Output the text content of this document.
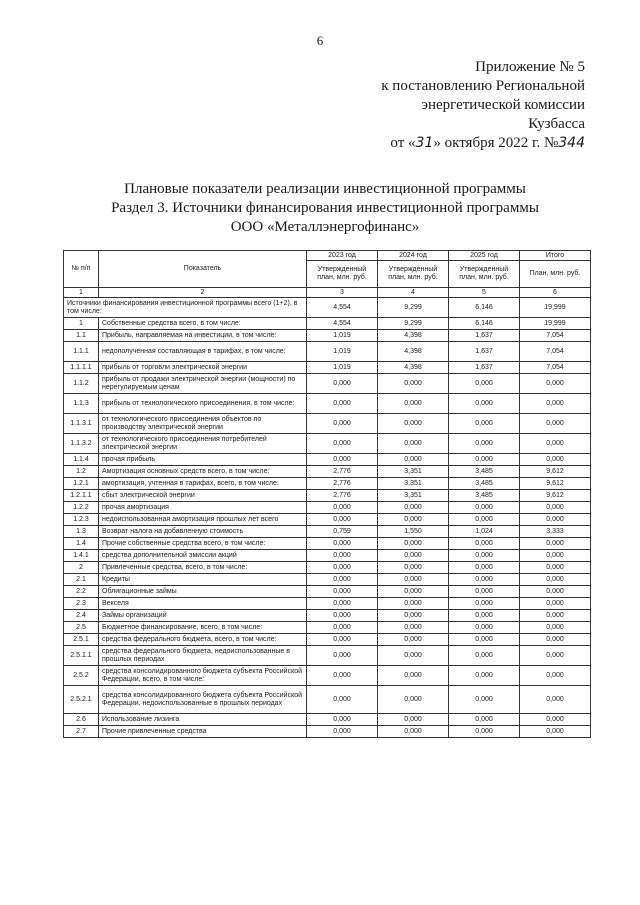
6
Приложение № 5
к постановлению Региональной
энергетической комиссии
Кузбасса
от «31» октября 2022 г. №344
Плановые показатели реализации инвестиционной программы
Раздел 3. Источники финансирования инвестиционной программы
ООО «Металлэнергофинанс»
№ п/п	Показатель	2023 год	2024 год	2025 год	Итого
		Утвержденный план, млн. руб.	Утвержденный план, млн. руб.	Утвержденный план, млн. руб.	План, млн. руб.
1	2	3	4	5	6
Источники финансирования инвестиционной программы всего (1+2), в том числе:		4,554	9,299	6,146	19,999
1	Собственные средства всего, в том числе:	4,554	9,299	6,146	19,999
1.1	Прибыль, направляемая на инвестиции, в том числе:	1,019	4,398	1,637	7,054
1.1.1	недополученная составляющая в тарифах, в том числе:	1,019	4,398	1,637	7,054
1.1.1.1	прибыль от торговли электрической энергии	1,019	4,398	1,637	7,054
1.1.2	прибыль от продажи электрической энергии (мощности) по нерегулируемым ценам	0,000	0,000	0,000	0,000
1.1.3	прибыль от технологического присоединения, в том числе:	0,000	0,000	0,000	0,000
1.1.3.1	от технологического присоединения объектов по производству электрической энергии	0,000	0,000	0,000	0,000
1.1.3.2	от технологического присоединения потребителей электрической энергии	0,000	0,000	0,000	0,000
1.1.4	прочая прибыль	0,000	0,000	0,000	0,000
1.2	Амортизация основных средств всего, в том числе:	2,776	3,351	3,485	9,612
1.2.1	амортизация, учтенная в тарифах, всего, в том числе:	2,776	3,351	3,485	9,612
1.2.1.1	сбыт электрической энергии	2,776	3,351	3,485	9,612
1.2.2	прочая амортизация	0,000	0,000	0,000	0,000
1.2.3	недоиспользованная амортизация прошлых лет всего	0,000	0,000	0,000	0,000
1.3	Возврат налога на добавленную стоимость	0,759	1,550	1,024	3,333
1.4	Прочие собственные средства всего, в том числе:	0,000	0,000	0,000	0,000
1.4.1	средства дополнительной эмиссии акций	0,000	0,000	0,000	0,000
2	Привлеченные средства, всего, в том числе:	0,000	0,000	0,000	0,000
2.1	Кредиты	0,000	0,000	0,000	0,000
2.2	Облигационные займы	0,000	0,000	0,000	0,000
2.3	Векселя	0,000	0,000	0,000	0,000
2.4	Займы организаций	0,000	0,000	0,000	0,000
2.5	Бюджетное финансирование, всего, в том числе:	0,000	0,000	0,000	0,000
2.5.1	средства федерального бюджета, всего, в том числе:	0,000	0,000	0,000	0,000
2.5.1.1	средства федерального бюджета, недоиспользованные в прошлых периодах	0,000	0,000	0,000	0,000
2.5.2	средства консолидированного бюджета субъекта Российской Федерации, всего, в том числе:	0,000	0,000	0,000	0,000
2.5.2.1	средства консолидированного бюджета субъекта Российской Федерации, недоиспользованные в прошлых периодах	0,000	0,000	0,000	0,000
2.6	Использование лизинга	0,000	0,000	0,000	0,000
2.7	Прочие привлеченные средства	0,000	0,000	0,000	0,000
